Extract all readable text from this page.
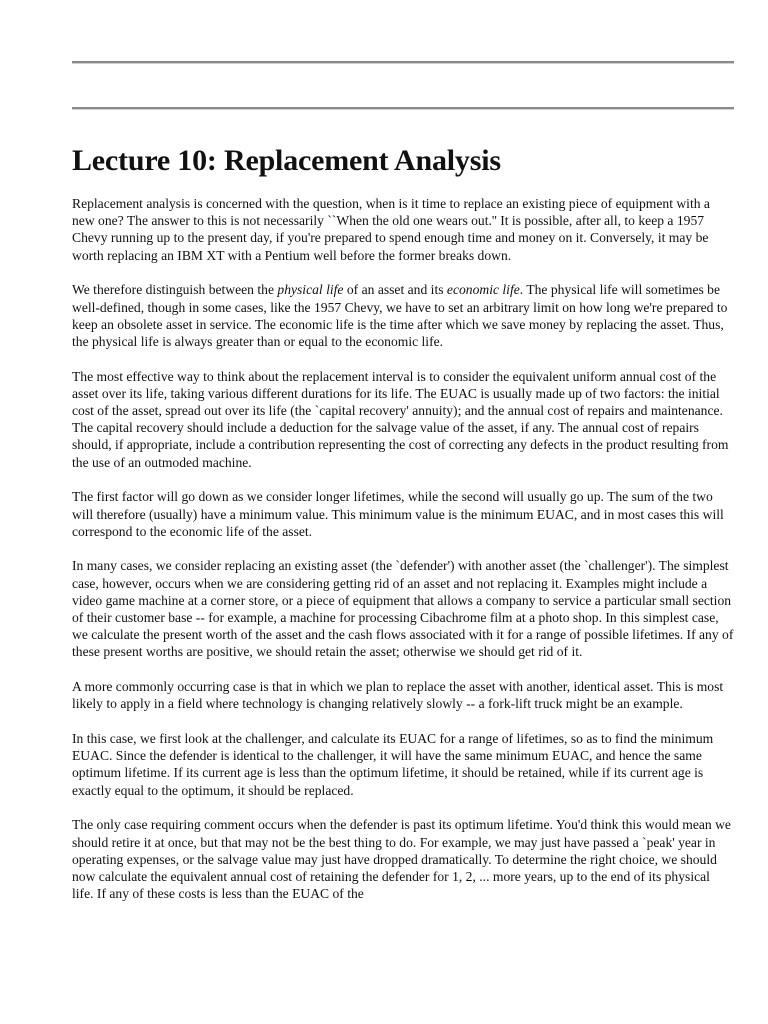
Lecture 10: Replacement Analysis

Replacement analysis is concerned with the question, when is it time to replace an existing piece of equipment with a new one? The answer to this is not necessarily ``When the old one wears out.'' It is possible, after all, to keep a 1957 Chevy running up to the present day, if you're prepared to spend enough time and money on it. Conversely, it may be worth replacing an IBM XT with a Pentium well before the former breaks down.

We therefore distinguish between the physical life of an asset and its economic life. The physical life will sometimes be well-defined, though in some cases, like the 1957 Chevy, we have to set an arbitrary limit on how long we're prepared to keep an obsolete asset in service. The economic life is the time after which we save money by replacing the asset. Thus, the physical life is always greater than or equal to the economic life.

The most effective way to think about the replacement interval is to consider the equivalent uniform annual cost of the asset over its life, taking various different durations for its life. The EUAC is usually made up of two factors: the initial cost of the asset, spread out over its life (the `capital recovery' annuity); and the annual cost of repairs and maintenance. The capital recovery should include a deduction for the salvage value of the asset, if any. The annual cost of repairs should, if appropriate, include a contribution representing the cost of correcting any defects in the product resulting from the use of an outmoded machine.

The first factor will go down as we consider longer lifetimes, while the second will usually go up. The sum of the two will therefore (usually) have a minimum value. This minimum value is the minimum EUAC, and in most cases this will correspond to the economic life of the asset.

In many cases, we consider replacing an existing asset (the `defender') with another asset (the `challenger'). The simplest case, however, occurs when we are considering getting rid of an asset and not replacing it. Examples might include a video game machine at a corner store, or a piece of equipment that allows a company to service a particular small section of their customer base -- for example, a machine for processing Cibachrome film at a photo shop. In this simplest case, we calculate the present worth of the asset and the cash flows associated with it for a range of possible lifetimes. If any of these present worths are positive, we should retain the asset; otherwise we should get rid of it.

A more commonly occurring case is that in which we plan to replace the asset with another, identical asset. This is most likely to apply in a field where technology is changing relatively slowly -- a fork-lift truck might be an example.

In this case, we first look at the challenger, and calculate its EUAC for a range of lifetimes, so as to find the minimum EUAC. Since the defender is identical to the challenger, it will have the same minimum EUAC, and hence the same optimum lifetime. If its current age is less than the optimum lifetime, it should be retained, while if its current age is exactly equal to the optimum, it should be replaced.

The only case requiring comment occurs when the defender is past its optimum lifetime. You'd think this would mean we should retire it at once, but that may not be the best thing to do. For example, we may just have passed a `peak' year in operating expenses, or the salvage value may just have dropped dramatically. To determine the right choice, we should now calculate the equivalent annual cost of retaining the defender for 1, 2, ... more years, up to the end of its physical life. If any of these costs is less than the EUAC of the
